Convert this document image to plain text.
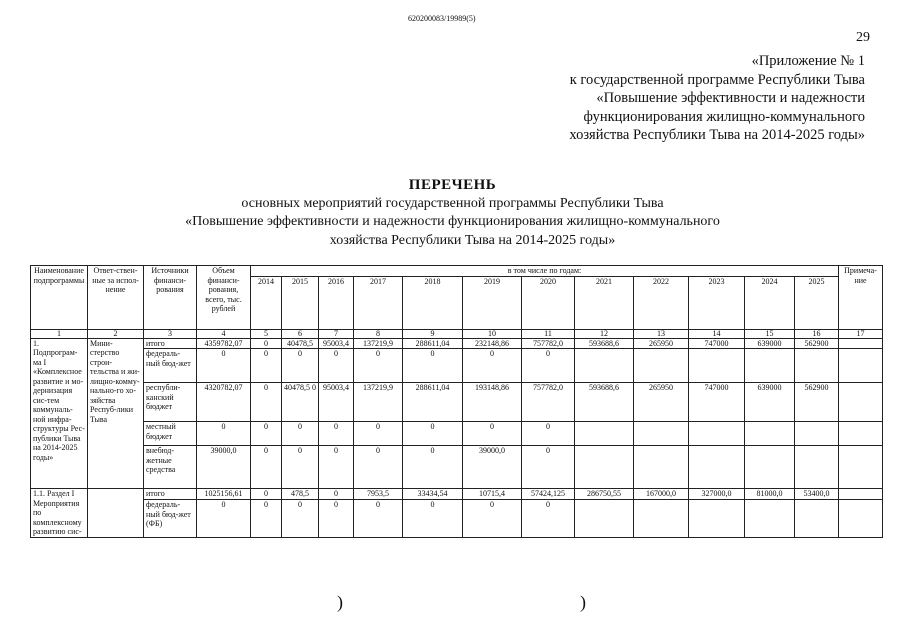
620200083/19989(5)
29
«Приложение № 1
к государственной программе Республики Тыва
«Повышение эффективности и надежности
функционирования жилищно-коммунального
хозяйства Республики Тыва на 2014-2025 годы»
ПЕРЕЧЕНЬ
основных мероприятий государственной программы Республики Тыва
«Повышение эффективности и надежности функционирования жилищно-коммунального
хозяйства Республики Тыва на 2014-2025 годы»
Наименование подпрограммы	Ответ-ствен-ные за испол-нение	Источники финанси-рования	Объем финанси-рования, всего, тыс. рублей	в том числе по годам:												Примеча-ние
				2014	2015	2016	2017	2018	2019	2020	2021	2022	2023	2024	2025	
1	2	3	4	5	6	7	8	9	10	11	12	13	14	15	16	17
1. Подпрограм-ма I «Комплексное развитие и мо-дернизация сис-тем коммуналь-ной инфра-структуры Рес-публики Тыва на 2014-2025 годы»	Мини-стерство строи-тельства и жи-лищно-комму-нально-го хо-зяйства Респуб-лики Тыва	итого	4359782,07	0	40478,5	95003,4	137219,9	288611,04	232148,86	757782,0	593688,6	265950	747000	639000	562900	
		федераль-ный бюд-жет	0	0	0	0	0	0	0	0						
		республи-канский бюджет	4320782,07	0	40478,5 0	95003,4	137219,9	288611,04	193148,86	757782,0	593688,6	265950	747000	639000	562900	
		местный бюджет	0	0	0	0	0	0	0	0						
		внебюд-жетные средства	39000,0	0	0	0	0	0	39000,0	0						
1.1. Раздел I Мероприятия по комплексному развитию сис-		итого	1025156,61	0	478,5	0	7953,5	33434,54	10715,4	57424,125	286750,55	167000,0	327000,0	81000,0	53400,0	
		федераль-ный бюд-жет (ФБ)	0	0	0	0	0	0	0	0						
)	)
